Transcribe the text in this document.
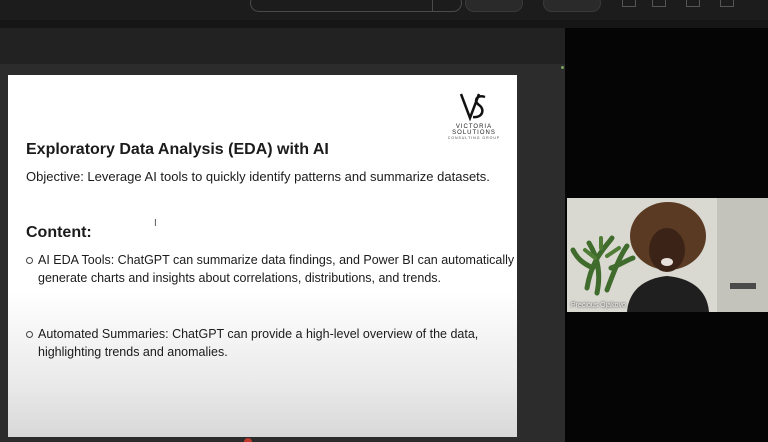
VICTORIA SOLUTIONS
CONSULTING GROUP
Exploratory Data Analysis (EDA) with AI
Objective: Leverage AI tools to quickly identify patterns and summarize datasets.
I
Content:
AI EDA Tools: ChatGPT can summarize data findings, and Power BI can automatically generate charts and insights about correlations, distributions, and trends.
Automated Summaries: ChatGPT can provide a high-level overview of the data, highlighting trends and anomalies.
Precious Ojakovo
